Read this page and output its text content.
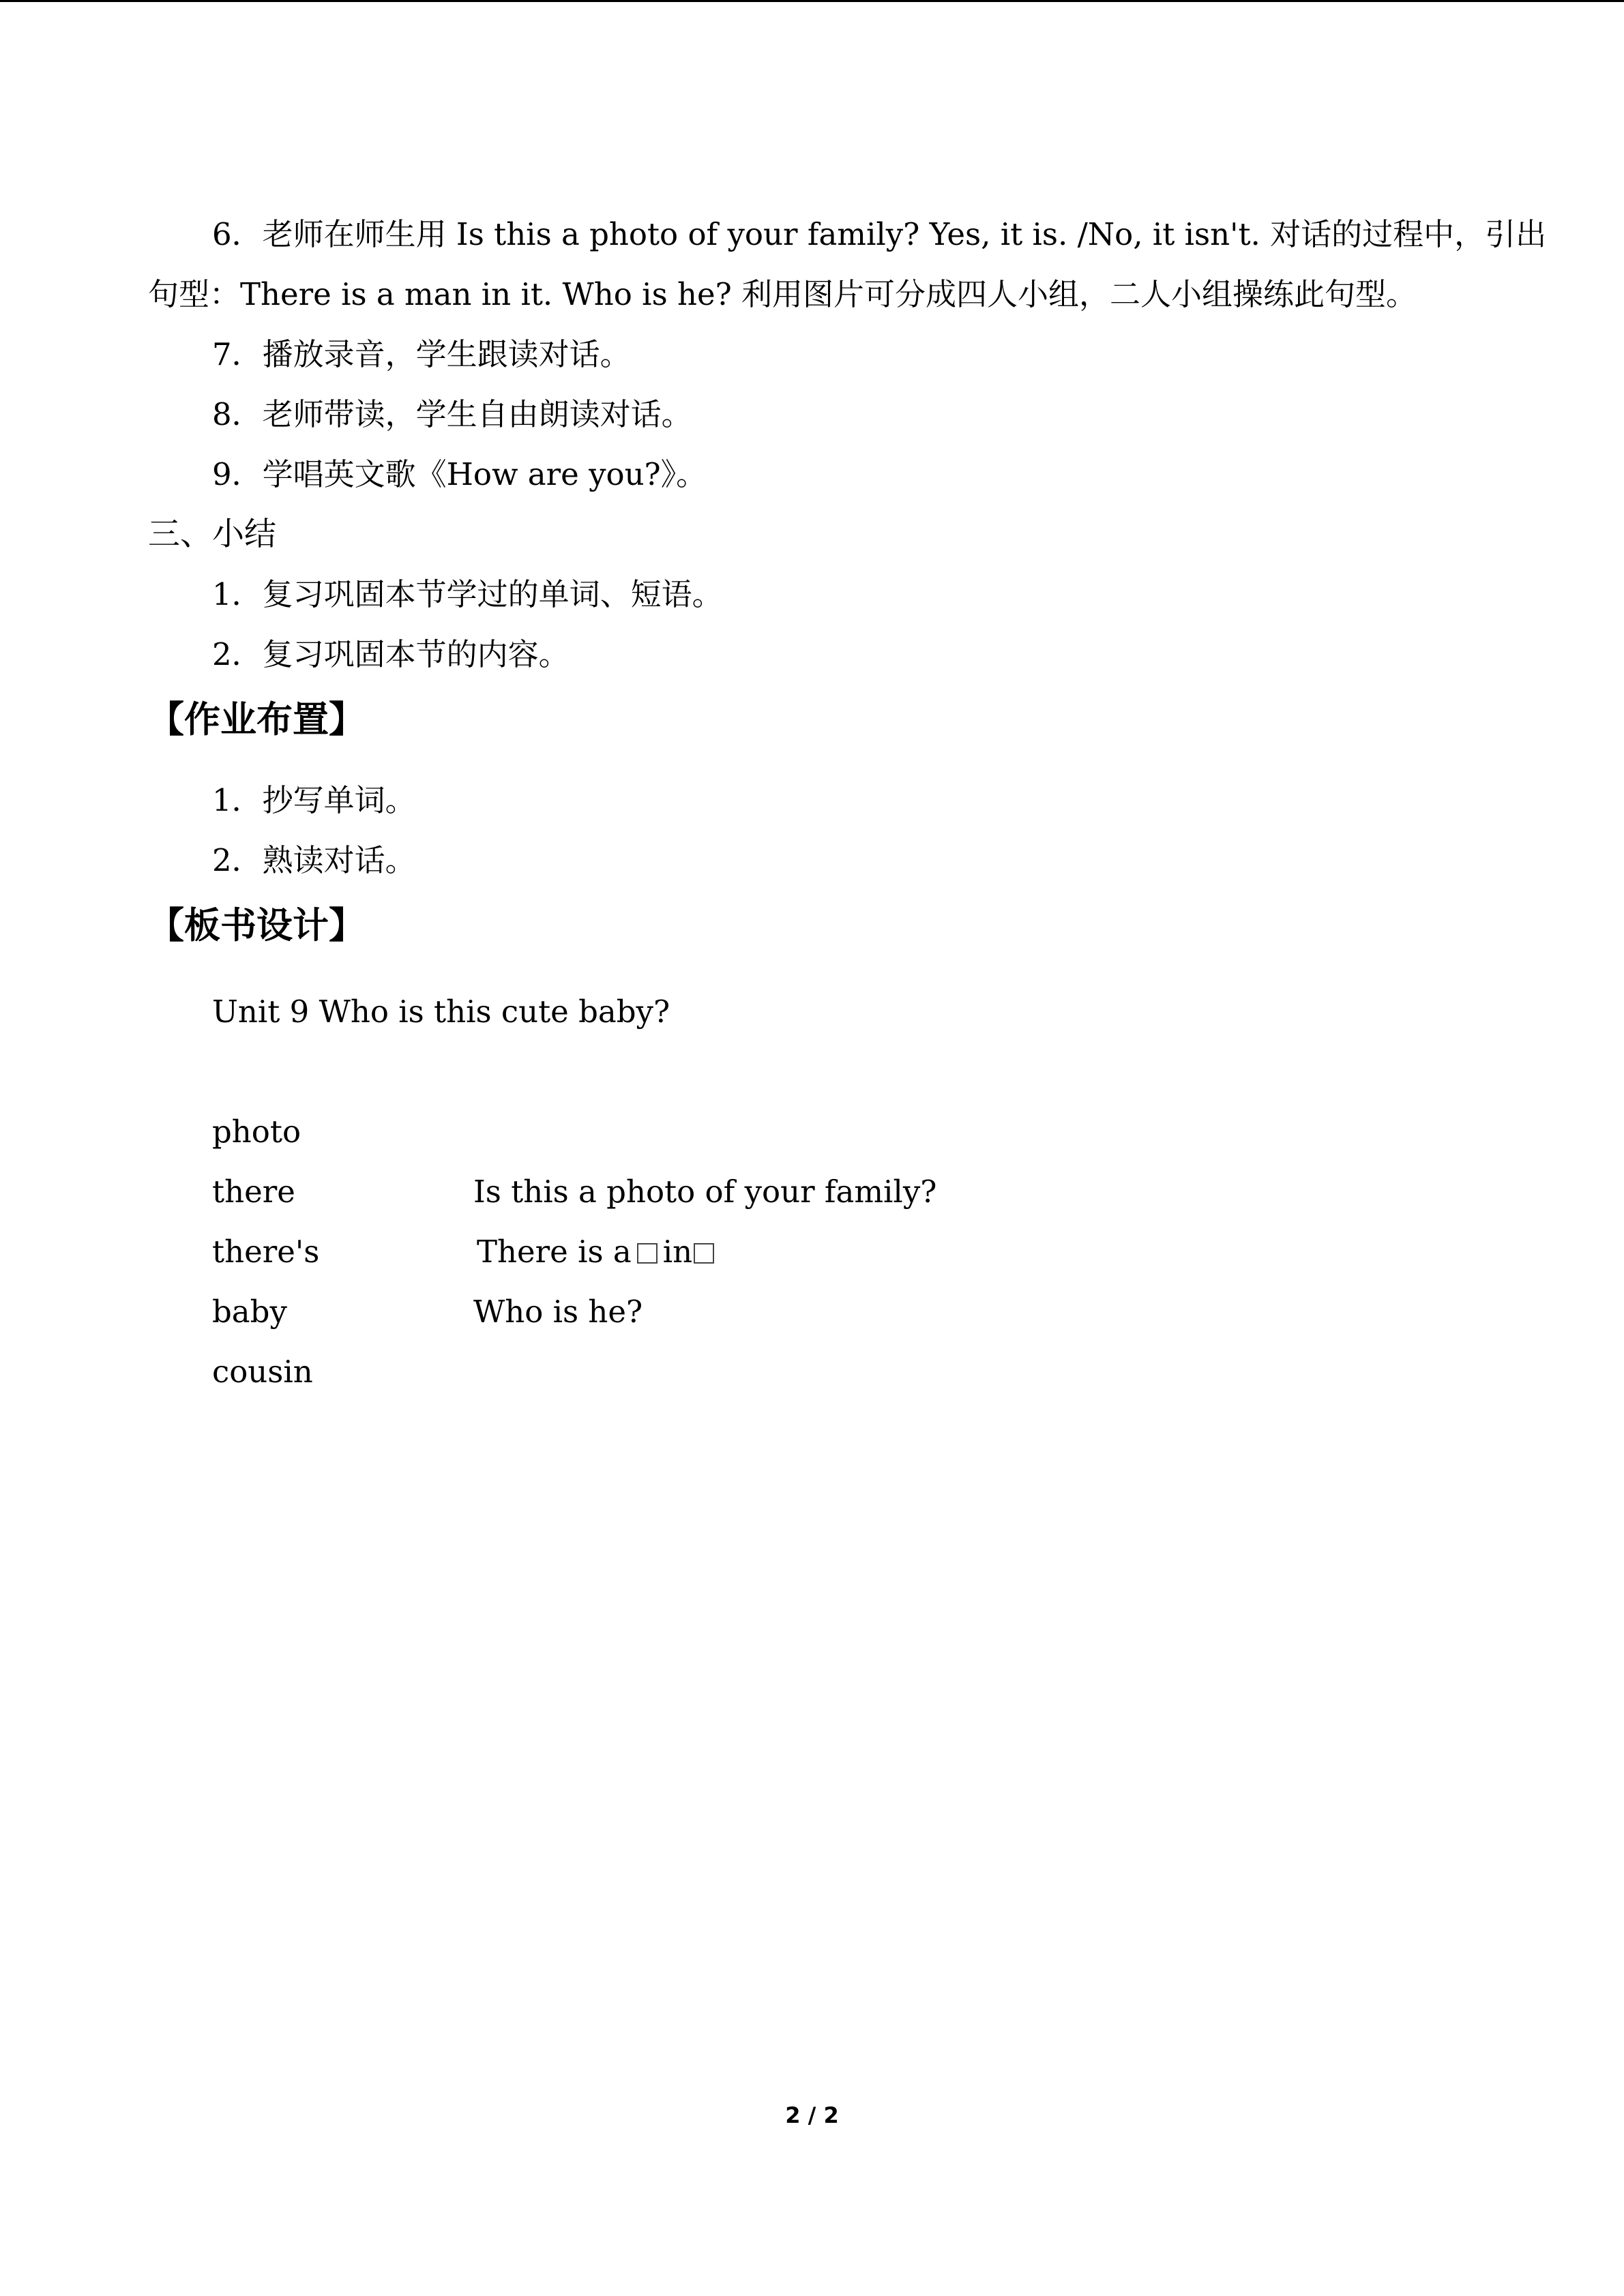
6．老师在师生用 Is this a photo of your family? Yes, it is. /No, it isn't. 对话的过程中，引出
句型：There is a man in it. Who is he? 利用图片可分成四人小组，二人小组操练此句型。
7．播放录音，学生跟读对话。
8．老师带读，学生自由朗读对话。
9．学唱英文歌《How are you?》。
三、小结
1．复习巩固本节学过的单词、短语。
2．复习巩固本节的内容。
【作业布置】
1．抄写单词。
2．熟读对话。
【板书设计】
Unit 9 Who is this cute baby?
photo
there
there's
baby
cousin
Is this a photo of your family?
There is a in
Who is he?
2 / 2
